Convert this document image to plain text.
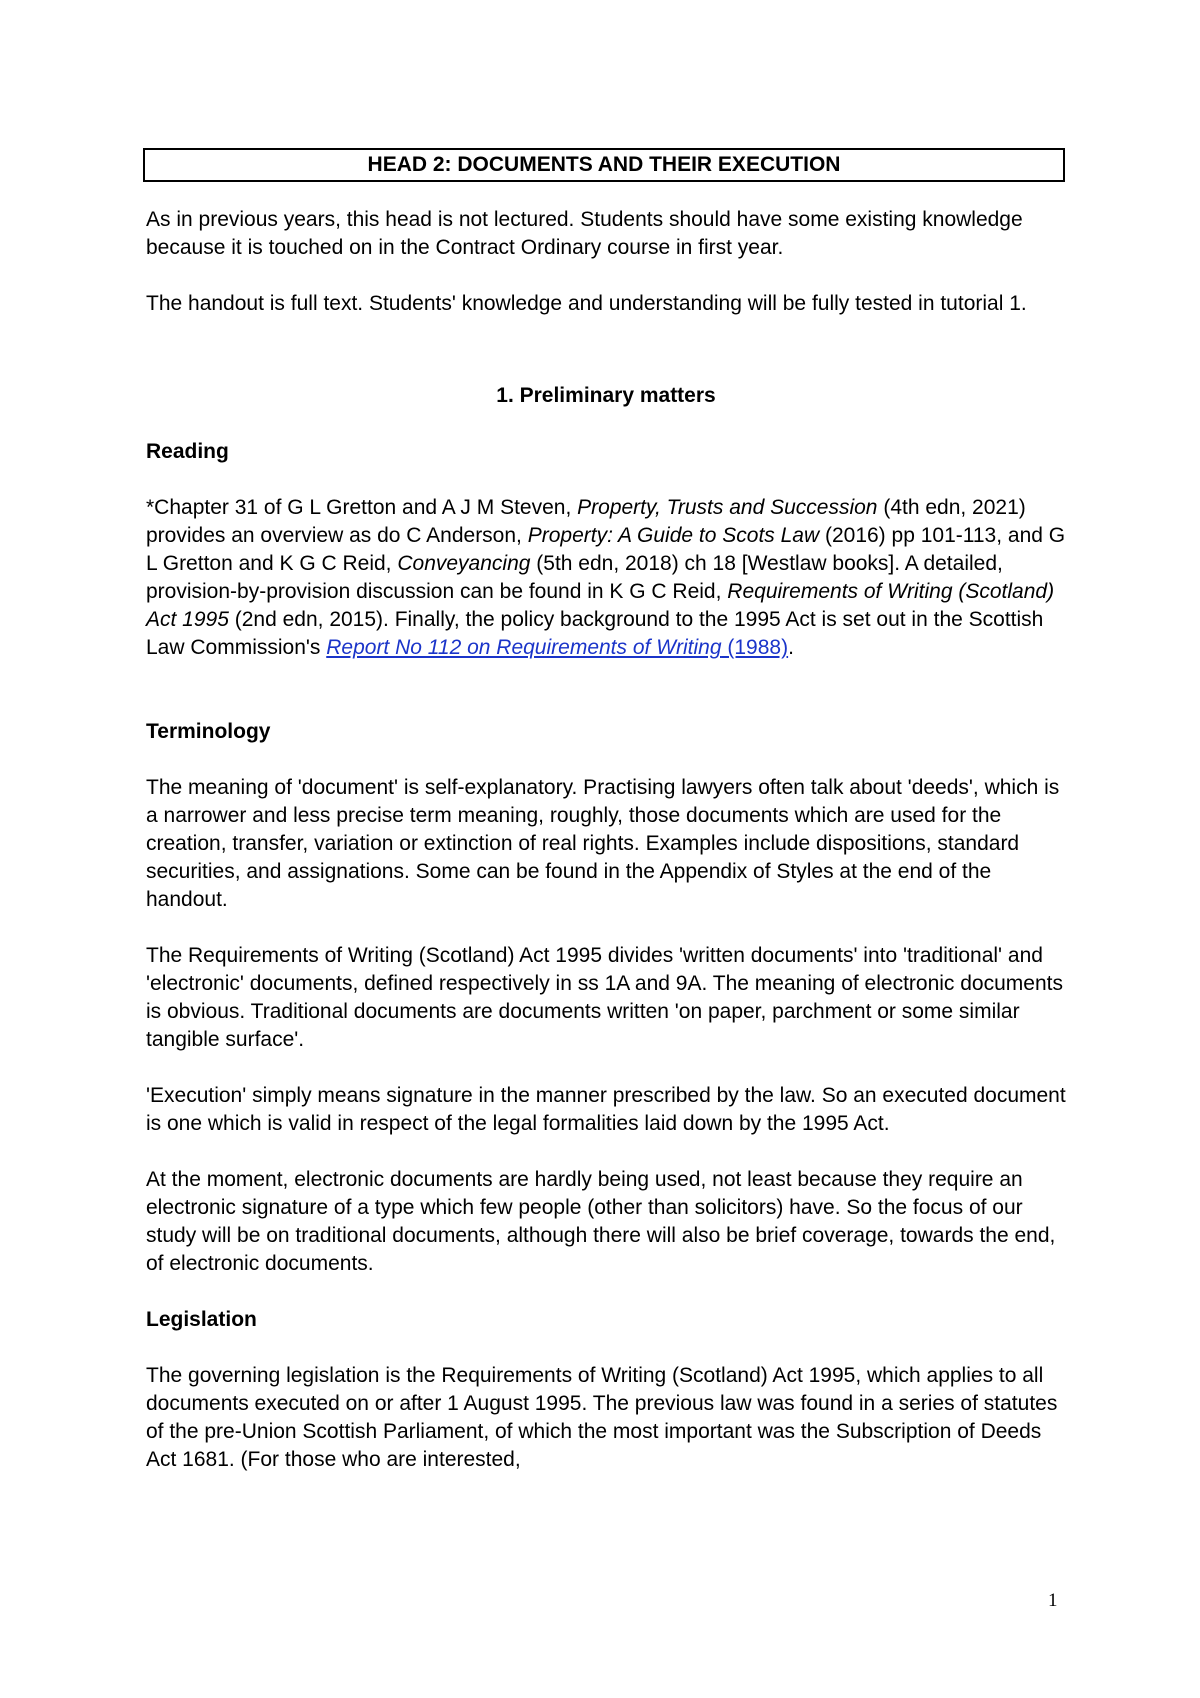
HEAD 2: DOCUMENTS AND THEIR EXECUTION

As in previous years, this head is not lectured. Students should have some existing knowledge because it is touched on in the Contract Ordinary course in first year.

The handout is full text. Students' knowledge and understanding will be fully tested in tutorial 1.

1. Preliminary matters
Reading

*Chapter 31 of G L Gretton and A J M Steven, Property, Trusts and Succession (4th edn, 2021) provides an overview as do C Anderson, Property: A Guide to Scots Law (2016) pp 101-113, and G L Gretton and K G C Reid, Conveyancing (5th edn, 2018) ch 18 [Westlaw books]. A detailed, provision-by-provision discussion can be found in K G C Reid, Requirements of Writing (Scotland) Act 1995 (2nd edn, 2015). Finally, the policy background to the 1995 Act is set out in the Scottish Law Commission's Report No 112 on Requirements of Writing (1988).

Terminology

The meaning of 'document' is self-explanatory. Practising lawyers often talk about 'deeds', which is a narrower and less precise term meaning, roughly, those documents which are used for the creation, transfer, variation or extinction of real rights. Examples include dispositions, standard securities, and assignations. Some can be found in the Appendix of Styles at the end of the handout.

The Requirements of Writing (Scotland) Act 1995 divides 'written documents' into 'traditional' and 'electronic' documents, defined respectively in ss 1A and 9A. The meaning of electronic documents is obvious. Traditional documents are documents written 'on paper, parchment or some similar tangible surface'.

'Execution' simply means signature in the manner prescribed by the law. So an executed document is one which is valid in respect of the legal formalities laid down by the 1995 Act.

At the moment, electronic documents are hardly being used, not least because they require an electronic signature of a type which few people (other than solicitors) have. So the focus of our study will be on traditional documents, although there will also be brief coverage, towards the end, of electronic documents.

Legislation

The governing legislation is the Requirements of Writing (Scotland) Act 1995, which applies to all documents executed on or after 1 August 1995. The previous law was found in a series of statutes of the pre-Union Scottish Parliament, of which the most important was the Subscription of Deeds Act 1681. (For those who are interested,

1
